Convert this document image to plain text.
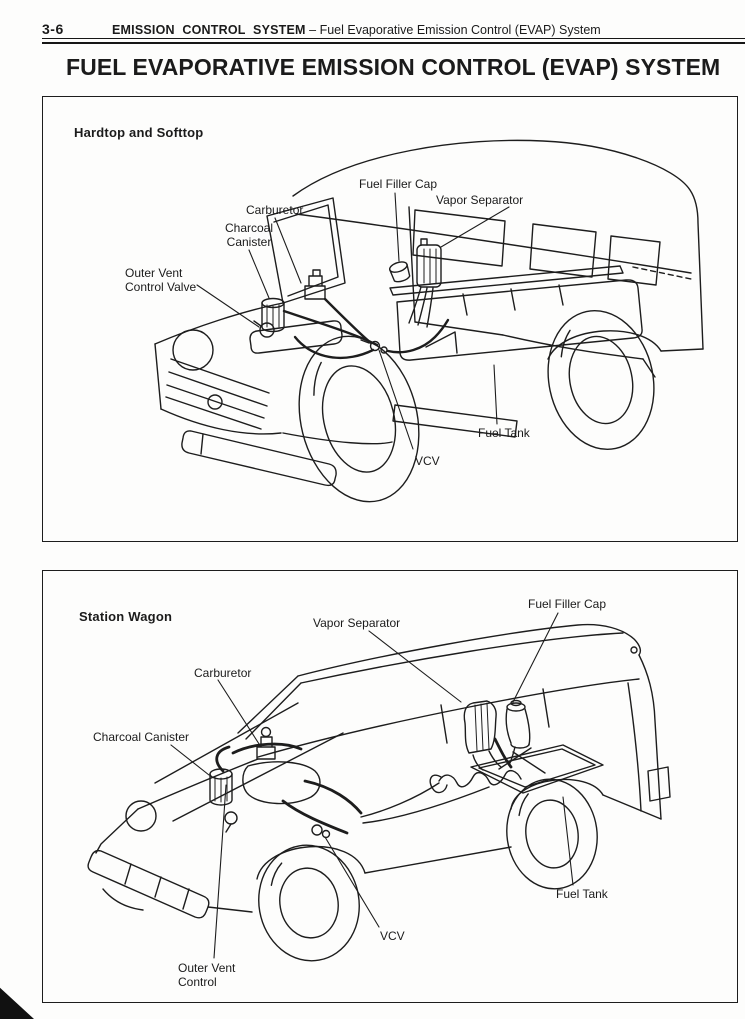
3-6	EMISSION CONTROL SYSTEM – Fuel Evaporative Emission Control (EVAP) System
FUEL EVAPORATIVE EMISSION CONTROL (EVAP) SYSTEM
Hardtop and Softtop
Fuel Filler Cap
Vapor Separator
Carburetor
Charcoal Canister
Outer Vent Control Valve
Fuel Tank
VCV
Station Wagon
Fuel Filler Cap
Vapor Separator
Carburetor
Charcoal Canister
Fuel Tank
VCV
Outer Vent Control
